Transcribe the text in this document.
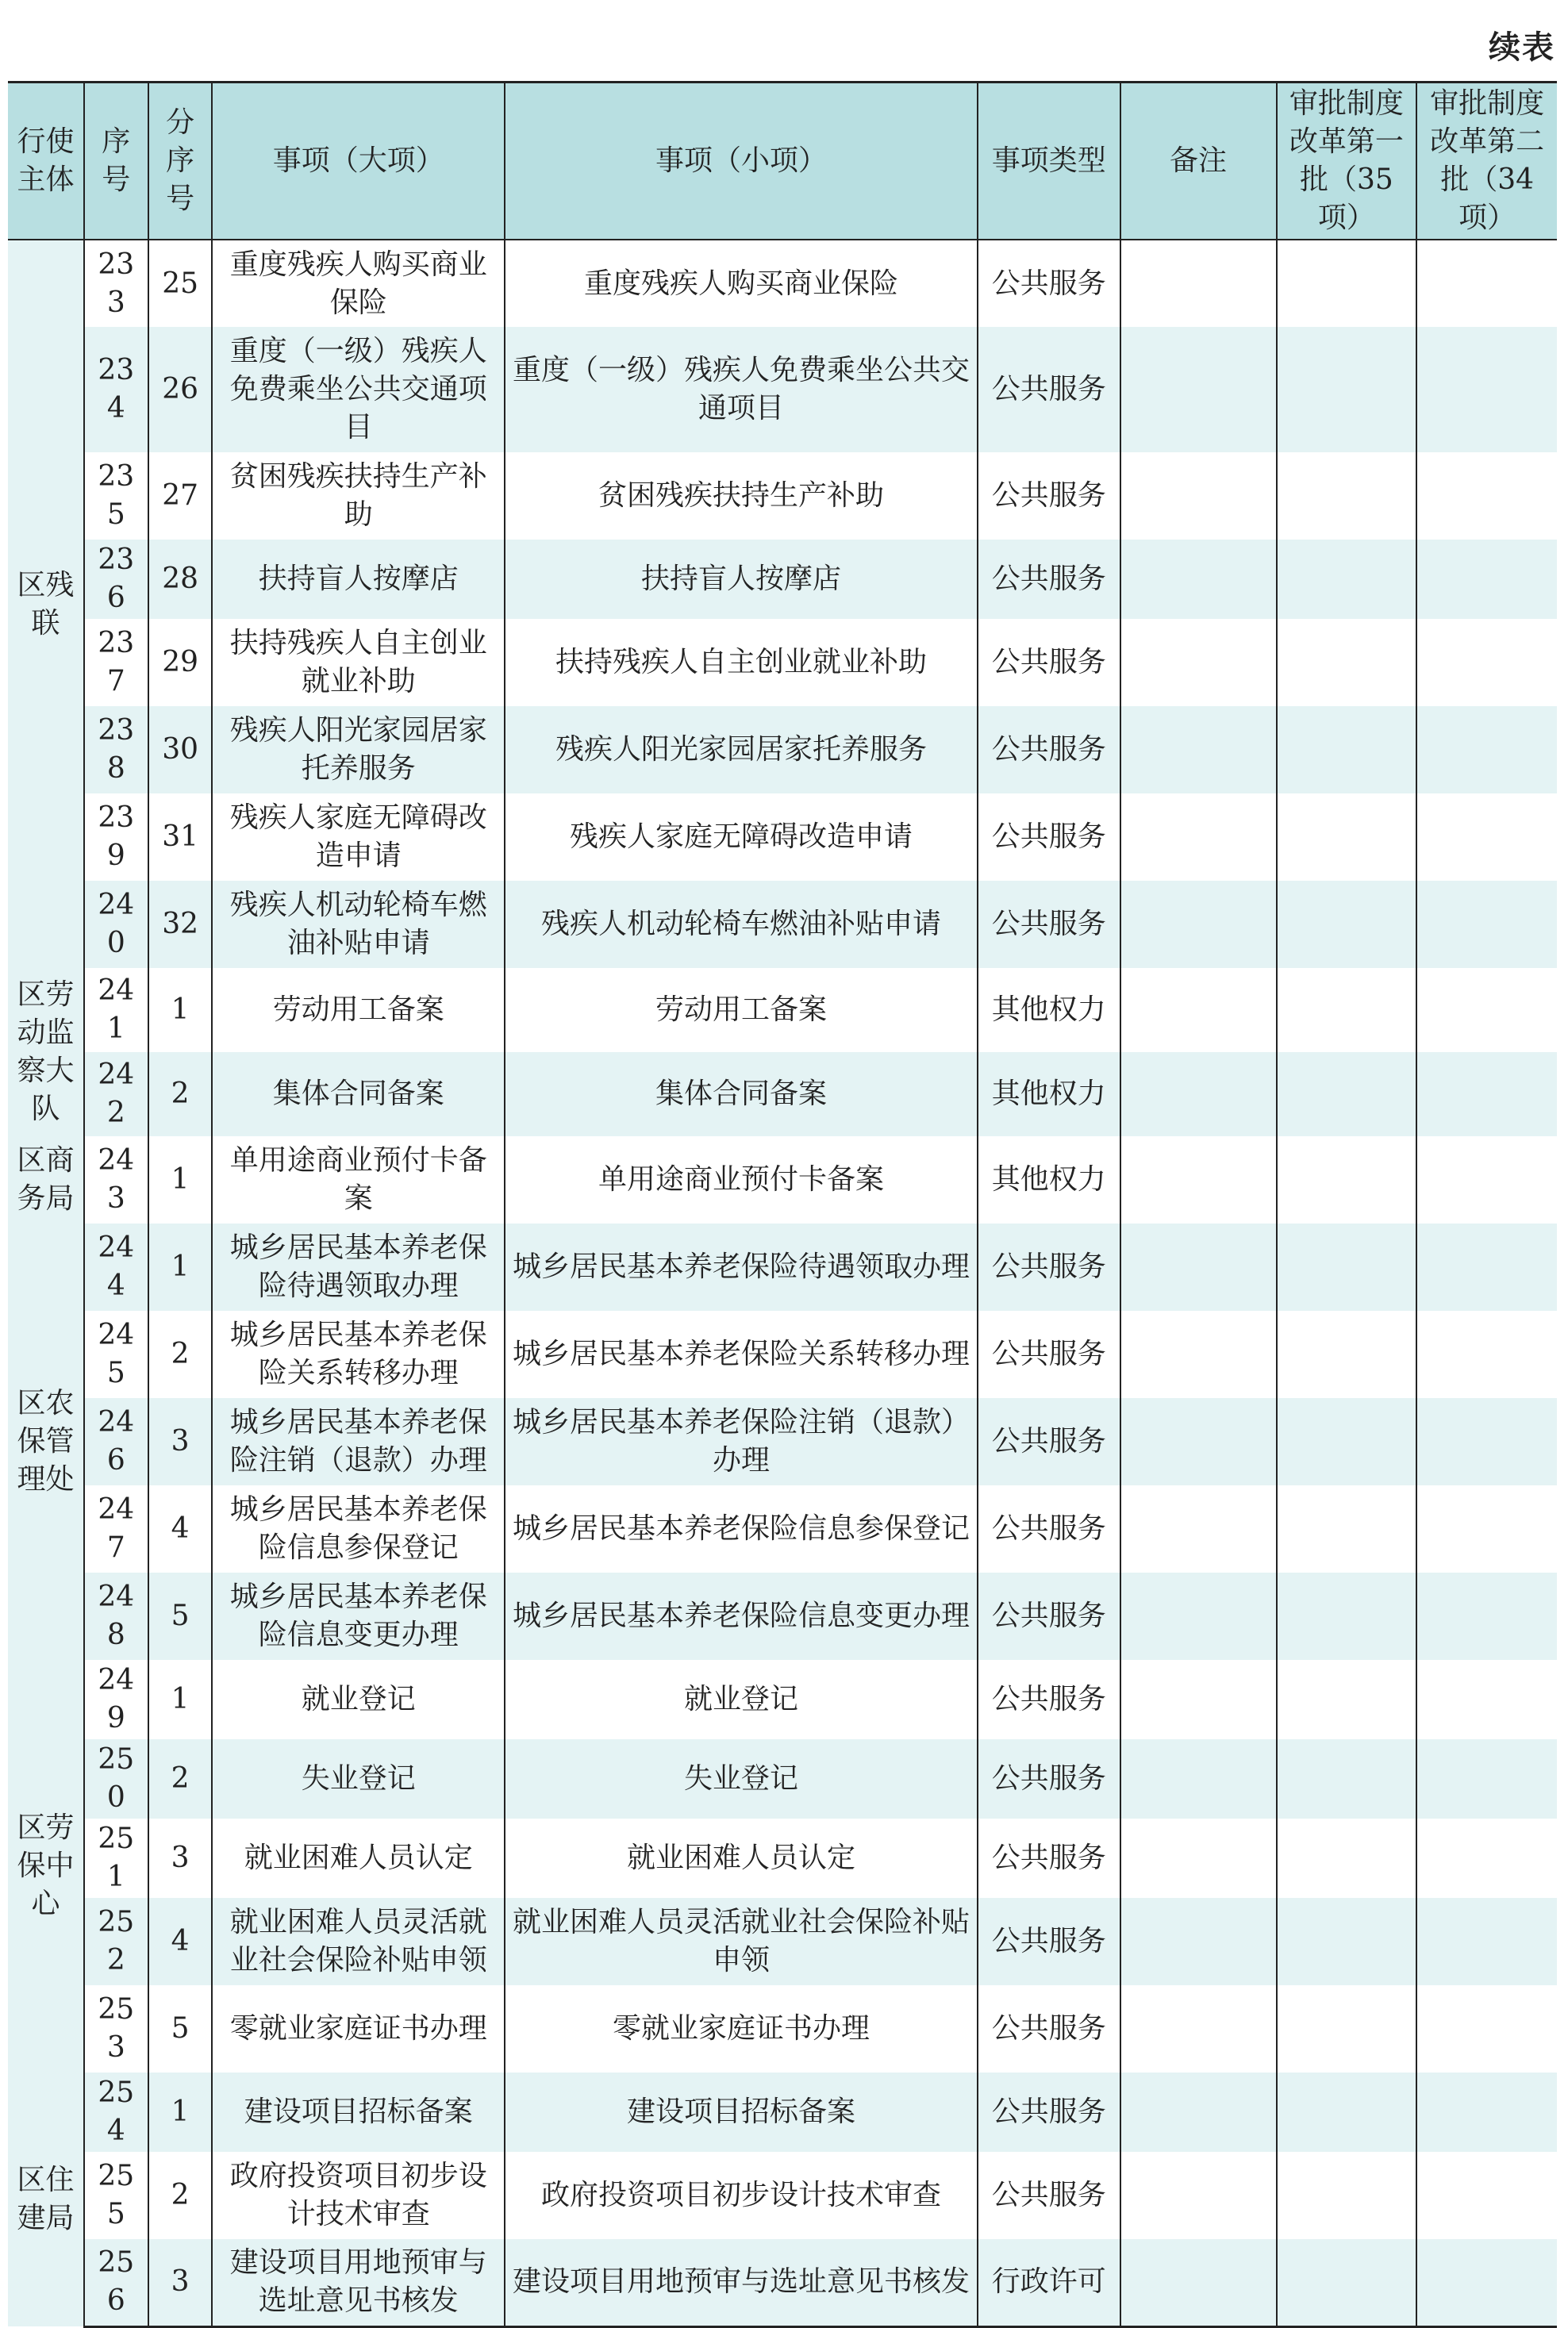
续表
行使主体	序号	分序号	事项（大项）	事项（小项）	事项类型	备注	审批制度改革第一批（35项）	审批制度改革第二批（34项）
区残联	233	25	重度残疾人购买商业保险	重度残疾人购买商业保险	公共服务			
	234	26	重度（一级）残疾人免费乘坐公共交通项目	重度（一级）残疾人免费乘坐公共交通项目	公共服务			
	235	27	贫困残疾扶持生产补助	贫困残疾扶持生产补助	公共服务			
	236	28	扶持盲人按摩店	扶持盲人按摩店	公共服务			
	237	29	扶持残疾人自主创业就业补助	扶持残疾人自主创业就业补助	公共服务			
	238	30	残疾人阳光家园居家托养服务	残疾人阳光家园居家托养服务	公共服务			
	239	31	残疾人家庭无障碍改造申请	残疾人家庭无障碍改造申请	公共服务			
	240	32	残疾人机动轮椅车燃油补贴申请	残疾人机动轮椅车燃油补贴申请	公共服务			
区劳动监察大队	241	1	劳动用工备案	劳动用工备案	其他权力			
	242	2	集体合同备案	集体合同备案	其他权力			
区商务局	243	1	单用途商业预付卡备案	单用途商业预付卡备案	其他权力			
区农保管理处	244	1	城乡居民基本养老保险待遇领取办理	城乡居民基本养老保险待遇领取办理	公共服务			
	245	2	城乡居民基本养老保险关系转移办理	城乡居民基本养老保险关系转移办理	公共服务			
	246	3	城乡居民基本养老保险注销（退款）办理	城乡居民基本养老保险注销（退款）办理	公共服务			
	247	4	城乡居民基本养老保险信息参保登记	城乡居民基本养老保险信息参保登记	公共服务			
	248	5	城乡居民基本养老保险信息变更办理	城乡居民基本养老保险信息变更办理	公共服务			
区劳保中心	249	1	就业登记	就业登记	公共服务			
	250	2	失业登记	失业登记	公共服务			
	251	3	就业困难人员认定	就业困难人员认定	公共服务			
	252	4	就业困难人员灵活就业社会保险补贴申领	就业困难人员灵活就业社会保险补贴申领	公共服务			
	253	5	零就业家庭证书办理	零就业家庭证书办理	公共服务			
区住建局	254	1	建设项目招标备案	建设项目招标备案	公共服务			
	255	2	政府投资项目初步设计技术审查	政府投资项目初步设计技术审查	公共服务			
	256	3	建设项目用地预审与选址意见书核发	建设项目用地预审与选址意见书核发	行政许可			
